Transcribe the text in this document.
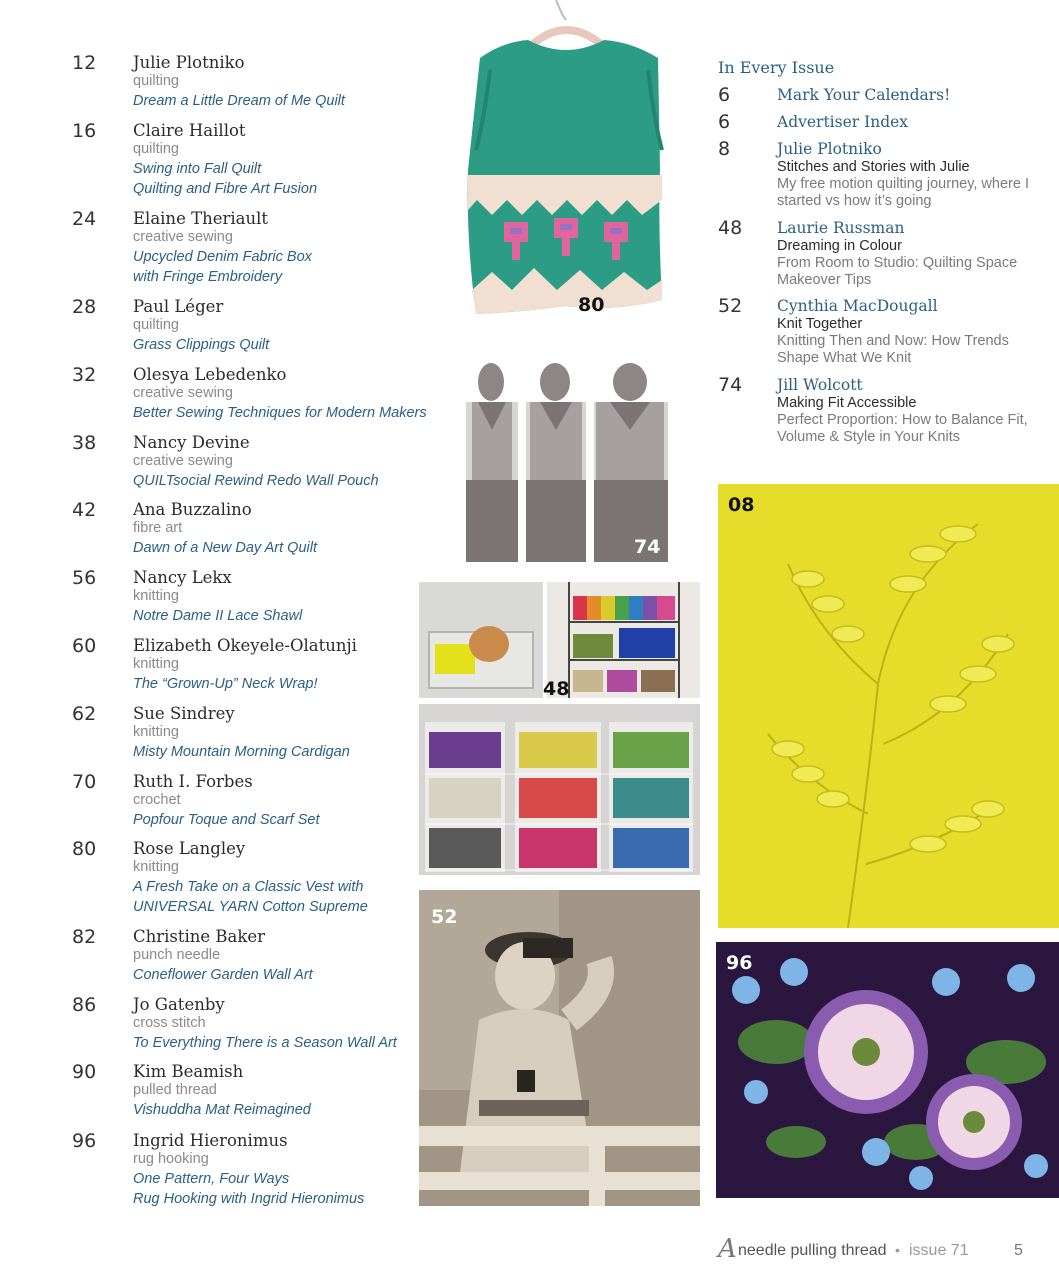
12 Julie Plotniko
quilting
Dream a Little Dream of Me Quilt
16 Claire Haillot
quilting
Swing into Fall Quilt
Quilting and Fibre Art Fusion
24 Elaine Theriault
creative sewing
Upcycled Denim Fabric Box
with Fringe Embroidery
28 Paul Léger
quilting
Grass Clippings Quilt
32 Olesya Lebedenko
creative sewing
Better Sewing Techniques for Modern Makers
38 Nancy Devine
creative sewing
QUILTsocial Rewind Redo Wall Pouch
42 Ana Buzzalino
fibre art
Dawn of a New Day Art Quilt
56 Nancy Lekx
knitting
Notre Dame II Lace Shawl
60 Elizabeth Okeyele-Olatunji
knitting
The “Grown-Up” Neck Wrap!
62 Sue Sindrey
knitting
Misty Mountain Morning Cardigan
70 Ruth I. Forbes
crochet
Popfour Toque and Scarf Set
80 Rose Langley
knitting
A Fresh Take on a Classic Vest with
UNIVERSAL YARN Cotton Supreme
82 Christine Baker
punch needle
Coneflower Garden Wall Art
86 Jo Gatenby
cross stitch
To Everything There is a Season Wall Art
90 Kim Beamish
pulled thread
Vishuddha Mat Reimagined
96 Ingrid Hieronimus
rug hooking
One Pattern, Four Ways
Rug Hooking with Ingrid Hieronimus
In Every Issue
6	Mark Your Calendars!
6	Advertiser Index
8	Julie Plotniko
Stitches and Stories with Julie
My free motion quilting journey, where I started vs how it’s going
48 Laurie Russman
Dreaming in Colour
From Room to Studio: Quilting Space Makeover Tips
52 Cynthia MacDougall
Knit Together
Knitting Then and Now: How Trends Shape What We Knit
74 Jill Wolcott
Making Fit Accessible
Perfect Proportion: How to Balance Fit, Volume & Style in Your Knits
80
74
48
52
08
96
A needle pulling thread • issue 71	5
